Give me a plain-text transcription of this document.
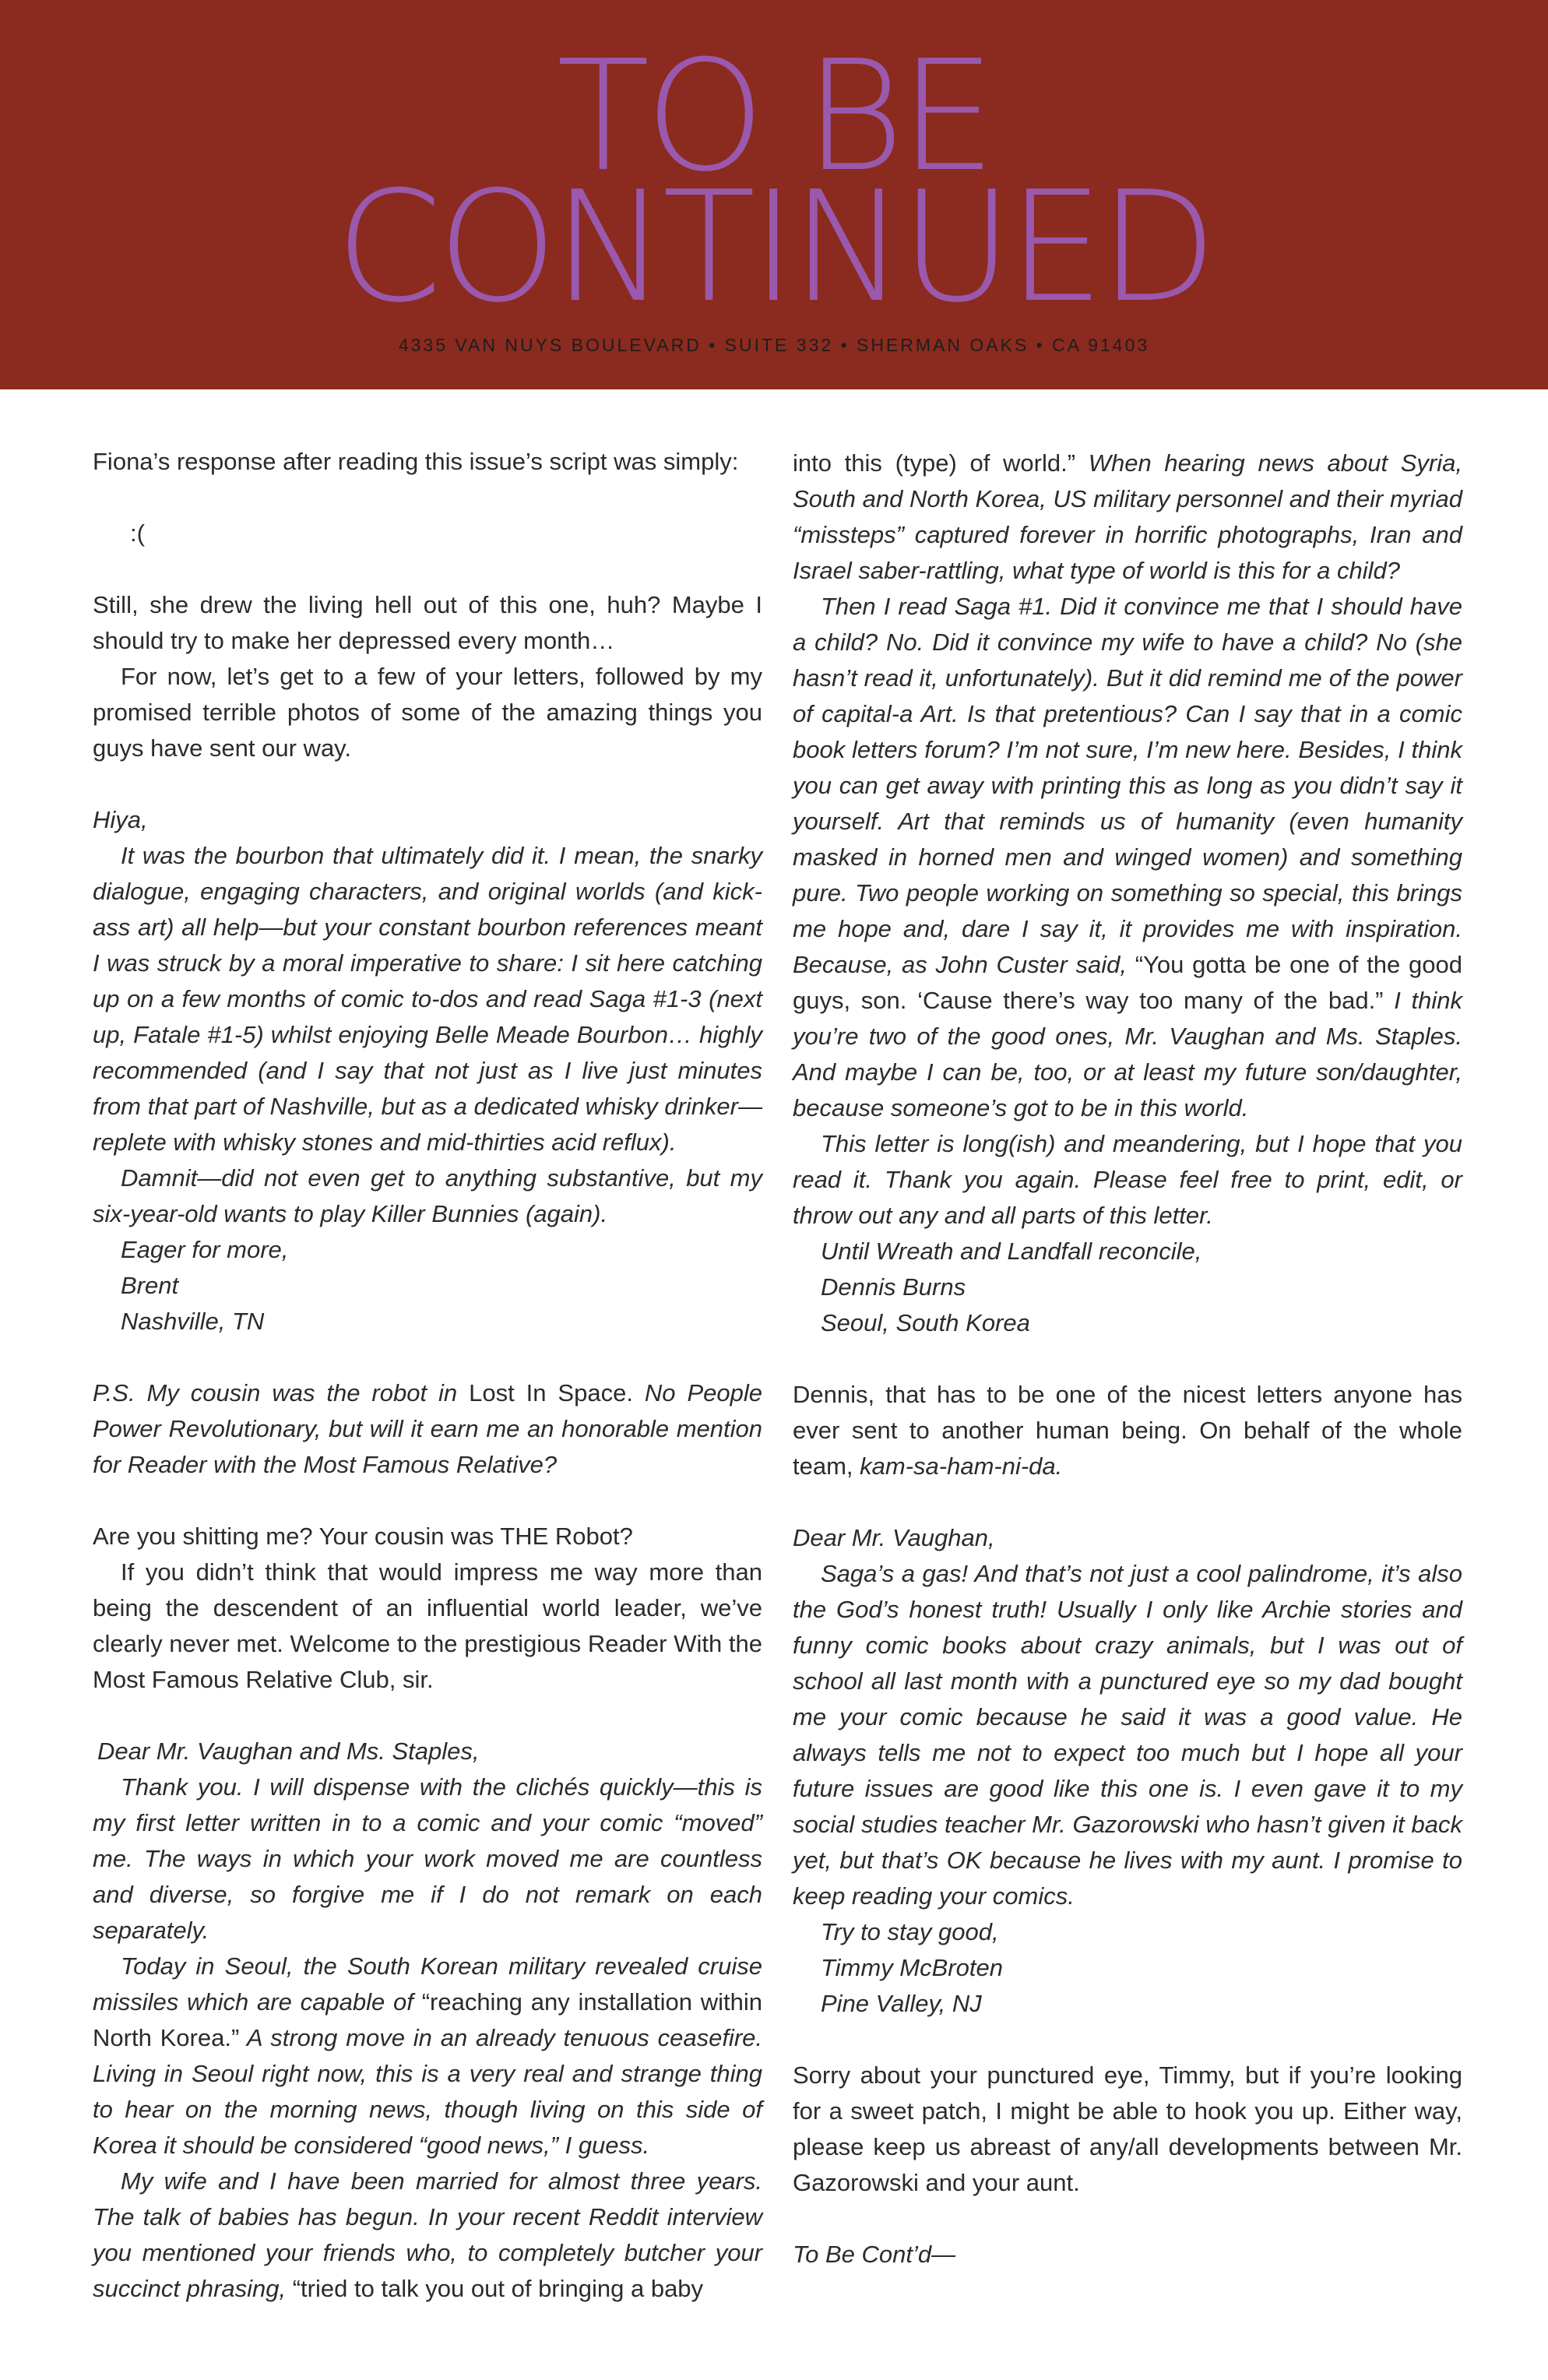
TO BE
CONTINUED
4335 VAN NUYS BOULEVARD • SUITE 332 • SHERMAN OAKS • CA 91403

Fiona’s response after reading this issue’s script was simply:

:(

Still, she drew the living hell out of this one, huh? Maybe I should try to make her depressed every month…

For now, let’s get to a few of your letters, followed by my promised terrible photos of some of the amazing things you guys have sent our way.

Hiya,

It was the bourbon that ultimately did it. I mean, the snarky dialogue, engaging characters, and original worlds (and kick-ass art) all help—but your constant bourbon references meant I was struck by a moral imperative to share: I sit here catching up on a few months of comic to-dos and read Saga #1-3 (next up, Fatale #1-5) whilst enjoying Belle Meade Bourbon… highly recommended (and I say that not just as I live just minutes from that part of Nashville, but as a dedicated whisky drinker— replete with whisky stones and mid-thirties acid reflux).

Damnit—did not even get to anything substantive, but my six-year-old wants to play Killer Bunnies (again).

Eager for more,

Brent

Nashville, TN

P.S. My cousin was the robot in Lost In Space. No People Power Revolutionary, but will it earn me an honorable mention for Reader with the Most Famous Relative?

Are you shitting me? Your cousin was THE Robot?

If you didn’t think that would impress me way more than being the descendent of an influential world leader, we’ve clearly never met. Welcome to the prestigious Reader With the Most Famous Relative Club, sir.

Dear Mr. Vaughan and Ms. Staples,

Thank you. I will dispense with the clichés quickly—this is my first letter written in to a comic and your comic “moved” me. The ways in which your work moved me are countless and diverse, so forgive me if I do not remark on each separately.

Today in Seoul, the South Korean military revealed cruise missiles which are capable of “reaching any installation within North Korea.” A strong move in an already tenuous ceasefire. Living in Seoul right now, this is a very real and strange thing to hear on the morning news, though living on this side of Korea it should be considered “good news,” I guess.

My wife and I have been married for almost three years. The talk of babies has begun. In your recent Reddit interview you mentioned your friends who, to completely butcher your succinct phrasing, “tried to talk you out of bringing a baby

into this (type) of world.” When hearing news about Syria, South and North Korea, US military personnel and their myriad “missteps” captured forever in horrific photographs, Iran and Israel saber-rattling, what type of world is this for a child?

Then I read Saga #1. Did it convince me that I should have a child? No. Did it convince my wife to have a child? No (she hasn’t read it, unfortunately). But it did remind me of the power of capital-a Art. Is that pretentious? Can I say that in a comic book letters forum? I’m not sure, I’m new here. Besides, I think you can get away with printing this as long as you didn’t say it yourself. Art that reminds us of humanity (even humanity masked in horned men and winged women) and something pure. Two people working on something so special, this brings me hope and, dare I say it, it provides me with inspiration. Because, as John Custer said, “You gotta be one of the good guys, son. ‘Cause there’s way too many of the bad.” I think you’re two of the good ones, Mr. Vaughan and Ms. Staples. And maybe I can be, too, or at least my future son/daughter, because someone’s got to be in this world.

This letter is long(ish) and meandering, but I hope that you read it. Thank you again. Please feel free to print, edit, or throw out any and all parts of this letter.

Until Wreath and Landfall reconcile,

Dennis Burns

Seoul, South Korea

Dennis, that has to be one of the nicest letters anyone has ever sent to another human being. On behalf of the whole team, kam-sa-ham-ni-da.

Dear Mr. Vaughan,

Saga’s a gas! And that’s not just a cool palindrome, it’s also the God’s honest truth! Usually I only like Archie stories and funny comic books about crazy animals, but I was out of school all last month with a punctured eye so my dad bought me your comic because he said it was a good value. He always tells me not to expect too much but I hope all your future issues are good like this one is. I even gave it to my social studies teacher Mr. Gazorowski who hasn’t given it back yet, but that’s OK because he lives with my aunt. I promise to keep reading your comics.

Try to stay good,

Timmy McBroten

Pine Valley, NJ

Sorry about your punctured eye, Timmy, but if you’re looking for a sweet patch, I might be able to hook you up. Either way, please keep us abreast of any/all developments between Mr. Gazorowski and your aunt.

To Be Cont’d—
